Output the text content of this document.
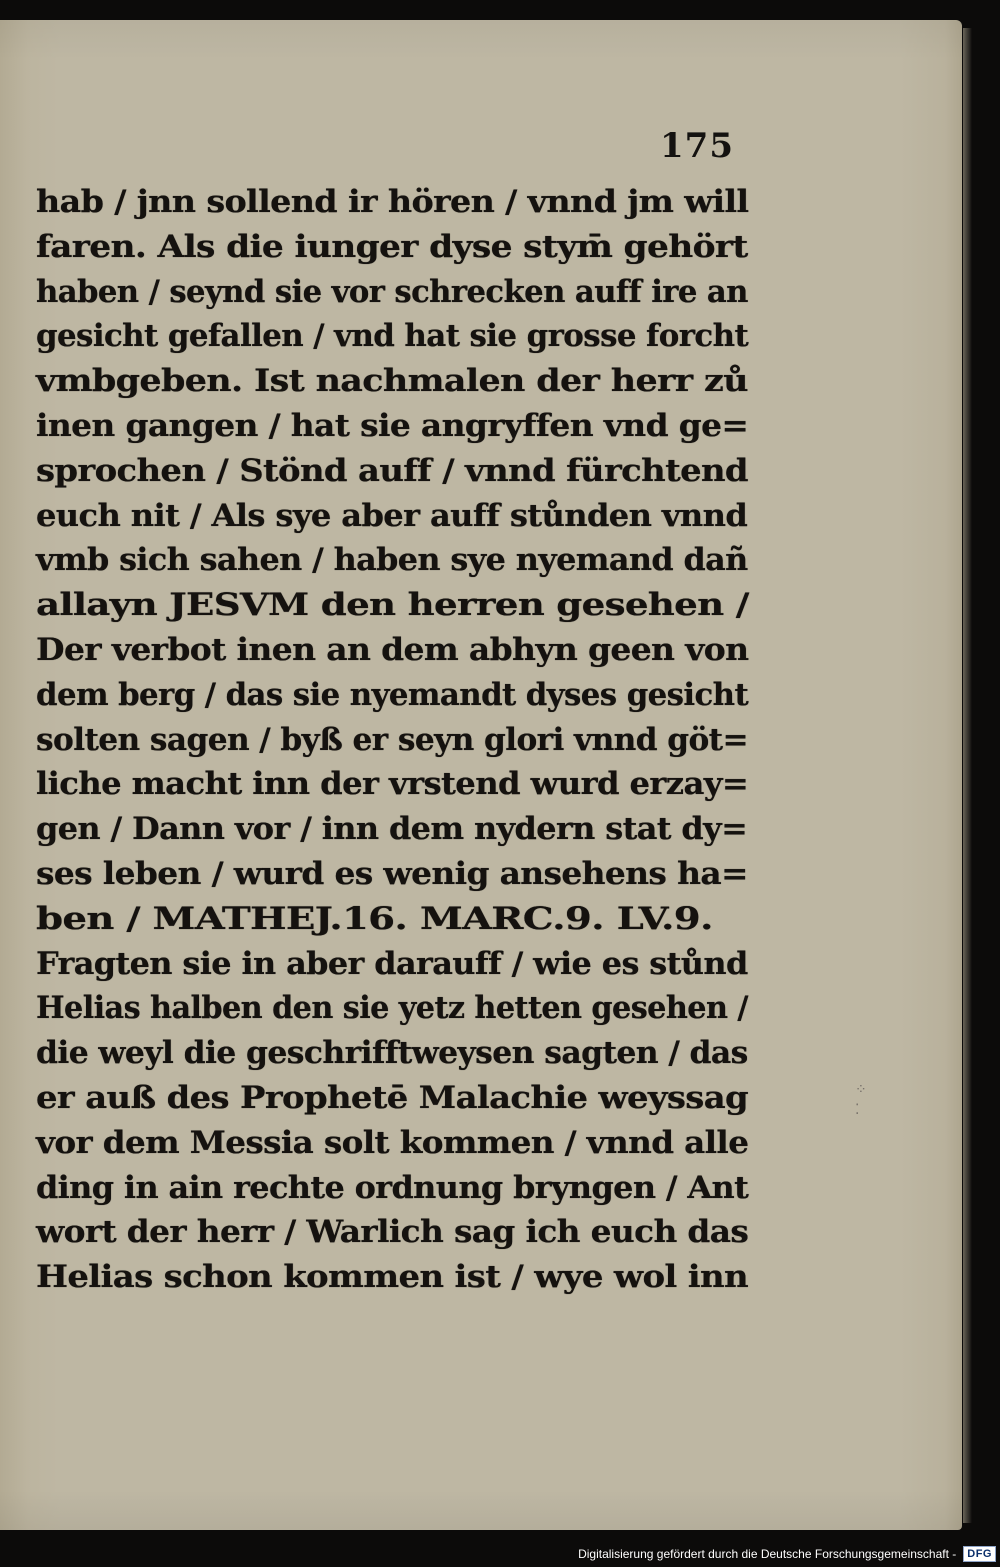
175
hab / jnn sollend ir hören / vnnd jm will
faren. Als die iunger dyse stym̄ gehört
haben / seynd sie vor schrecken auff ire an
gesicht gefallen / vnd hat sie grosse forcht
vmbgeben. Ist nachmalen der herr zů
inen gangen / hat sie angryffen vnd ge=
sprochen / Stönd auff / vnnd fürchtend
euch nit / Als sye aber auff stůnden vnnd
vmb sich sahen / haben sye nyemand dañ
allayn JESVM den herren gesehen /
Der verbot inen an dem abhyn geen von
dem berg / das sie nyemandt dyses gesicht
solten sagen / byß er seyn glori vnnd göt=
liche macht inn der vrstend wurd erzay=
gen / Dann vor / inn dem nydern stat dy=
ses leben / wurd es wenig ansehens ha=
ben / MATHEJ.16. MARC.9. LV.9.
Fragten sie in aber darauff / wie es stůnd
Helias halben den sie yetz hetten gesehen /
die weyl die geschrifftweysen sagten / das
er auß des Prophetē Malachie weyssag
vor dem Messia solt kommen / vnnd alle
ding in ain rechte ordnung bryngen / Ant
wort der herr / Warlich sag ich euch das
Helias schon kommen ist / wye wol inn
⁘
⁚
Digitalisierung gefördert durch die Deutsche Forschungsgemeinschaft -	DFG
